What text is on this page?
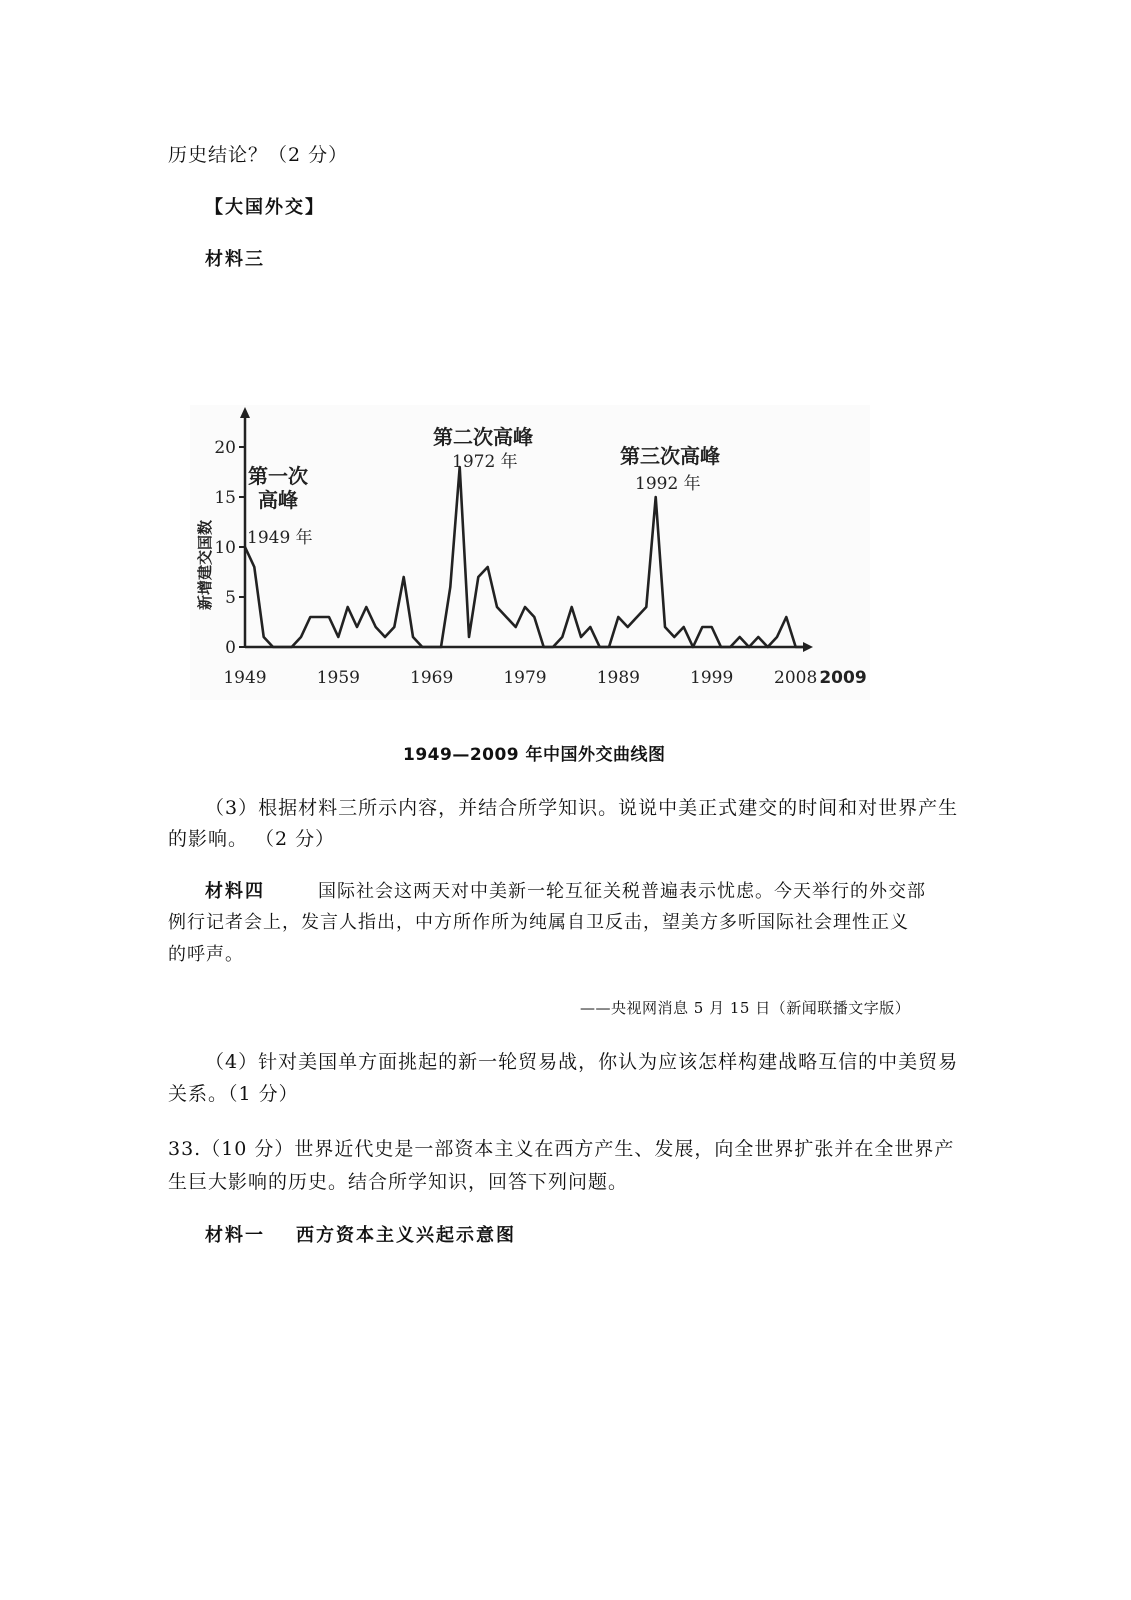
历史结论？（2 分）
【大国外交】
材料三
0
5
10
15
20
1949	1959	1969	1979	1989	1999 2008 2009
新增建交国数
第一次
高峰
1949 年
第二次高峰
1972 年	第三次高峰
1992 年
1949—2009 年中国外交曲线图
（3）根据材料三所示内容，并结合所学知识。说说中美正式建交的时间和对世界产生
的影响。 （2 分）
材料四	国际社会这两天对中美新一轮互征关税普遍表示忧虑。今天举行的外交部
例行记者会上，发言人指出，中方所作所为纯属自卫反击，望美方多听国际社会理性正义
的呼声。
——央视网消息 5 月 15 日（新闻联播文字版）
（4）针对美国单方面挑起的新一轮贸易战，你认为应该怎样构建战略互信的中美贸易
关系。（1 分）
33.（10 分）世界近代史是一部资本主义在西方产生、发展，向全世界扩张并在全世界产
生巨大影响的历史。结合所学知识，回答下列问题。
材料一 西方资本主义兴起示意图
